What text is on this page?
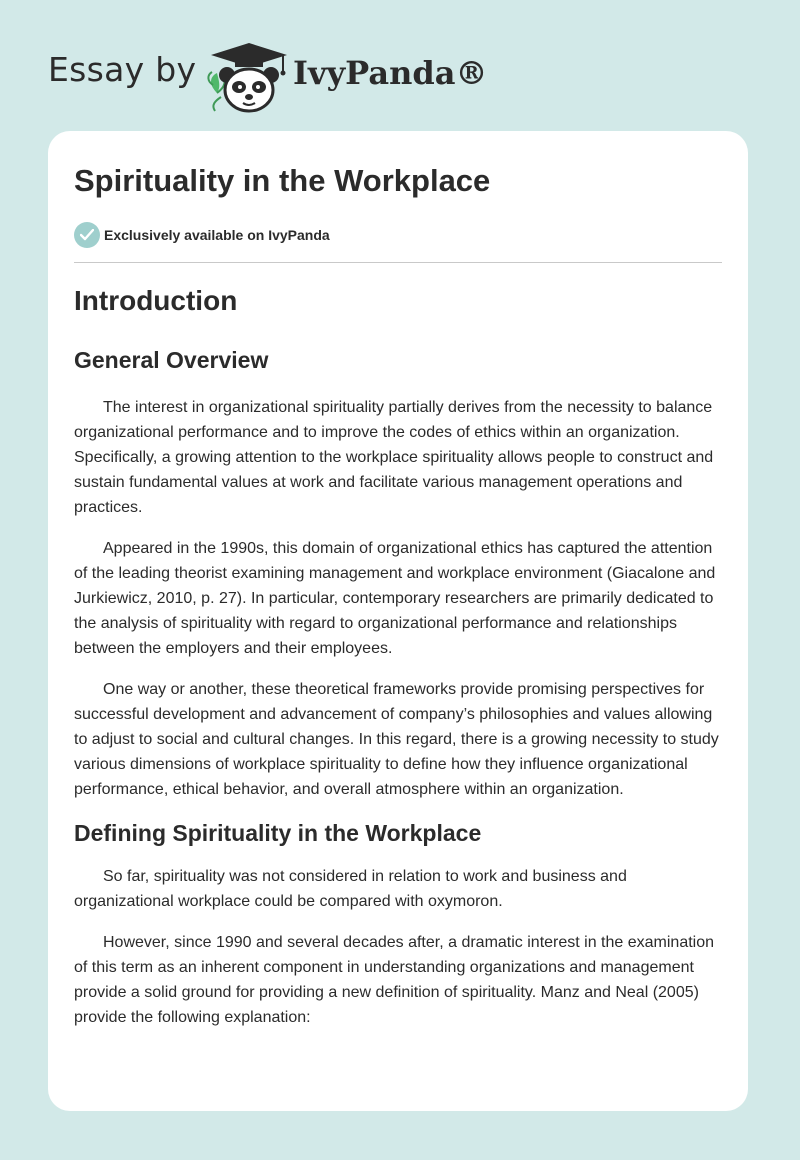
Essay by	IvyPanda®
Spirituality in the Workplace
Exclusively available on IvyPanda
Introduction
General Overview

The interest in organizational spirituality partially derives from the necessity to balance organizational performance and to improve the codes of ethics within an organization. Specifically, a growing attention to the workplace spirituality allows people to construct and sustain fundamental values at work and facilitate various management operations and practices.

Appeared in the 1990s, this domain of organizational ethics has captured the attention of the leading theorist examining management and workplace environment (Giacalone and Jurkiewicz, 2010, p. 27). In particular, contemporary researchers are primarily dedicated to the analysis of spirituality with regard to organizational performance and relationships between the employers and their employees.

One way or another, these theoretical frameworks provide promising perspectives for successful development and advancement of company’s philosophies and values allowing to adjust to social and cultural changes. In this regard, there is a growing necessity to study various dimensions of workplace spirituality to define how they influence organizational performance, ethical behavior, and overall atmosphere within an organization.

Defining Spirituality in the Workplace

So far, spirituality was not considered in relation to work and business and organizational workplace could be compared with oxymoron.

However, since 1990 and several decades after, a dramatic interest in the examination of this term as an inherent component in understanding organizations and management provide a solid ground for providing a new definition of spirituality. Manz and Neal (2005) provide the following explanation:
